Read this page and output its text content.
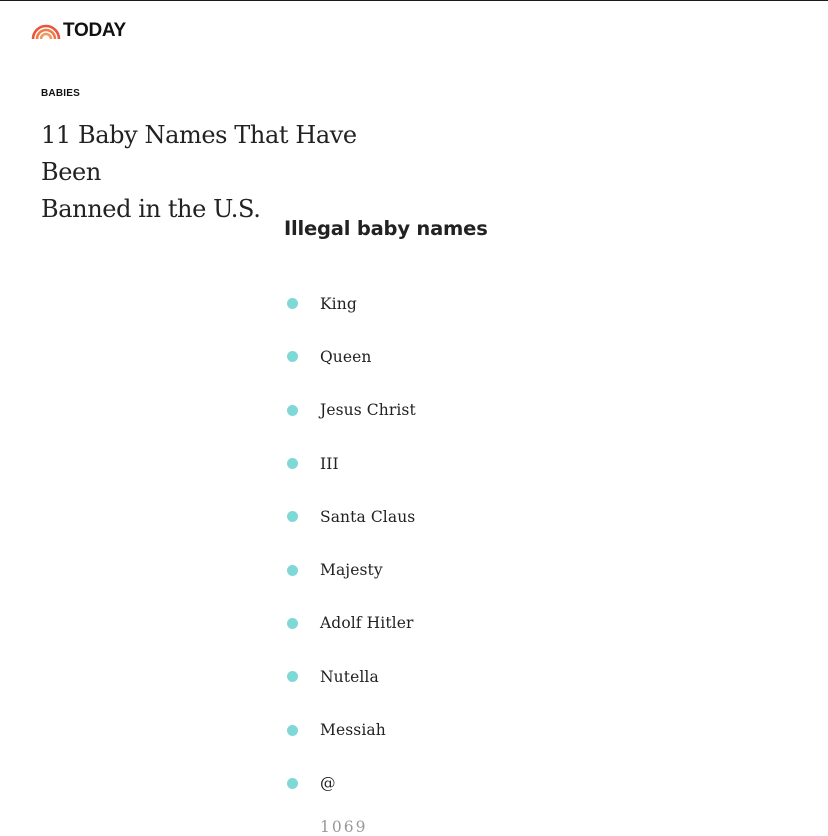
TODAY
BABIES
11 Baby Names That Have Been
Banned in the U.S.
Illegal baby names
King
Queen
Jesus Christ
III
Santa Claus
Majesty
Adolf Hitler
Nutella
Messiah
@
1069
